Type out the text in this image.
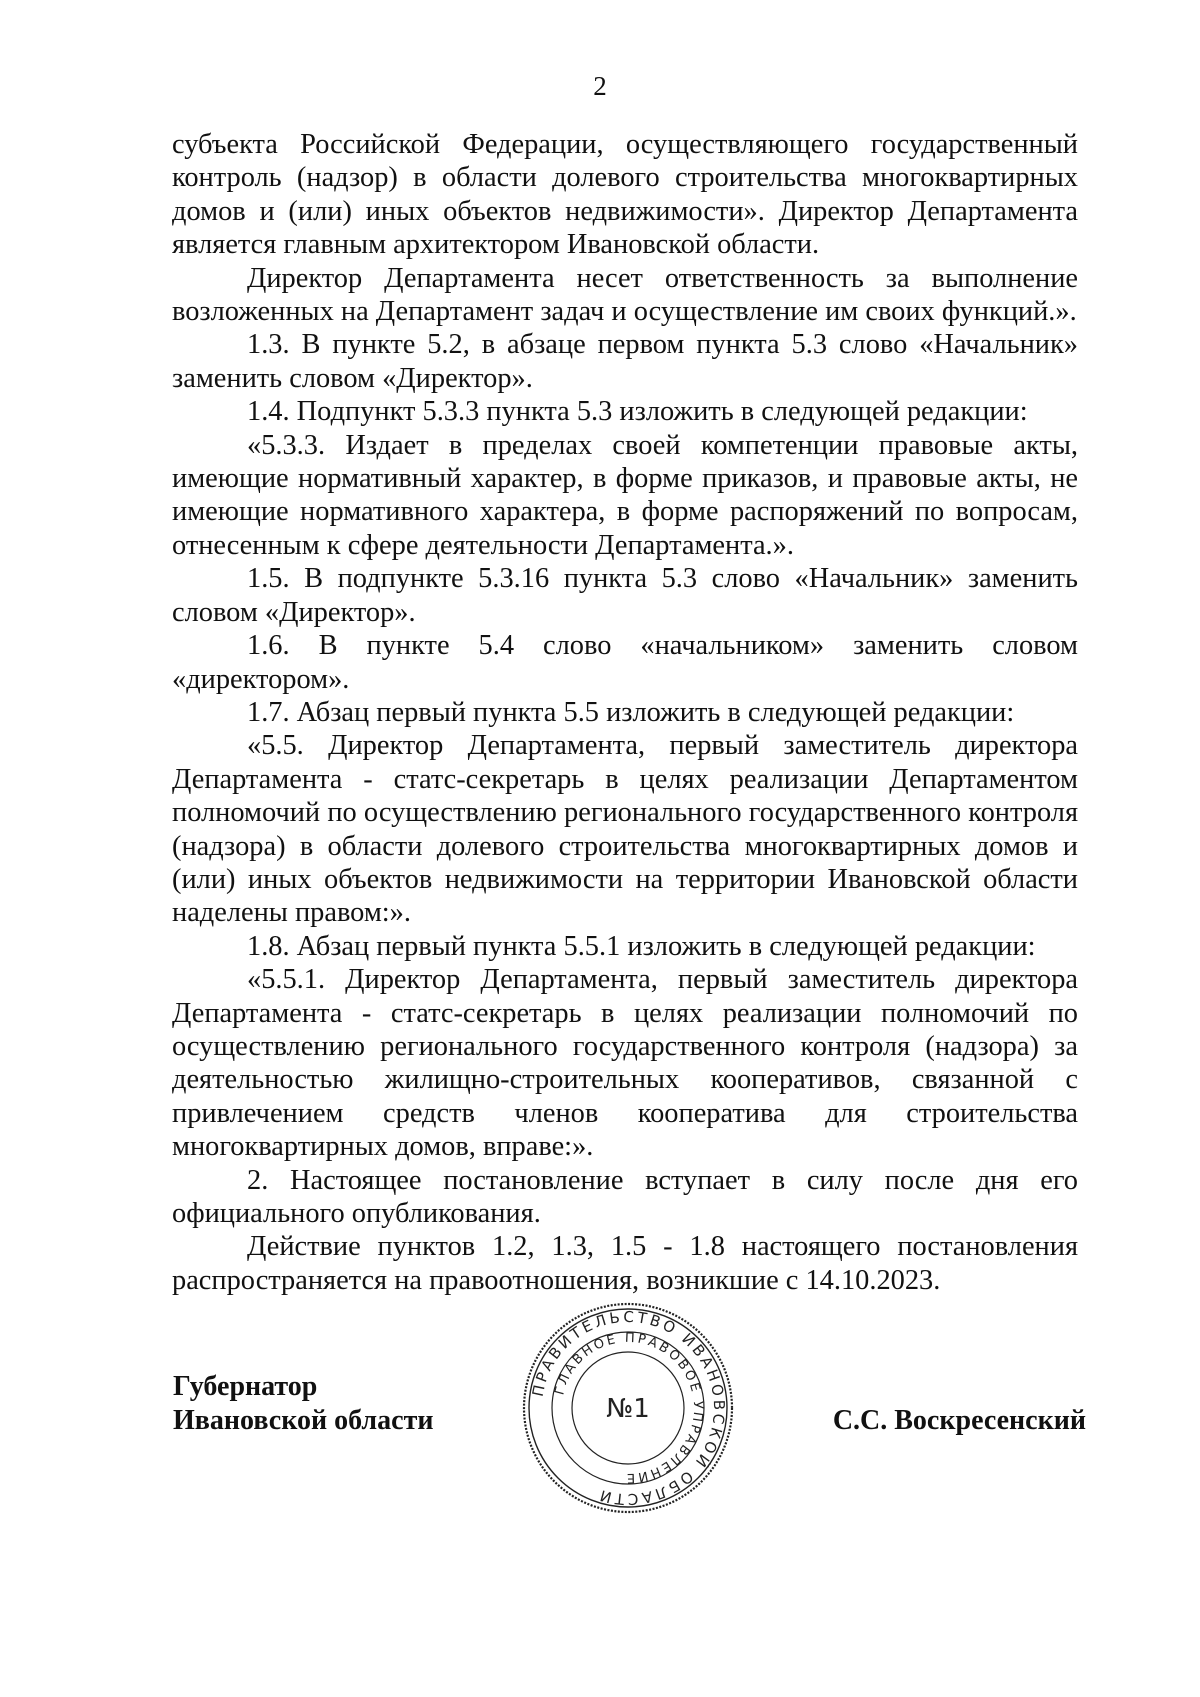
2

субъекта Российской Федерации, осуществляющего государственный контроль (надзор) в области долевого строительства многоквартирных домов и (или) иных объектов недвижимости». Директор Департамента является главным архитектором Ивановской области.

Директор Департамента несет ответственность за выполнение возложенных на Департамент задач и осуществление им своих функций.».

1.3. В пункте 5.2, в абзаце первом пункта 5.3 слово «Начальник» заменить словом «Директор».

1.4. Подпункт 5.3.3 пункта 5.3 изложить в следующей редакции:

«5.3.3. Издает в пределах своей компетенции правовые акты, имеющие нормативный характер, в форме приказов, и правовые акты, не имеющие нормативного характера, в форме распоряжений по вопросам, отнесенным к сфере деятельности Департамента.».

1.5. В подпункте 5.3.16 пункта 5.3 слово «Начальник» заменить словом «Директор».

1.6. В пункте 5.4 слово «начальником» заменить словом «директором».

1.7. Абзац первый пункта 5.5 изложить в следующей редакции:

«5.5. Директор Департамента, первый заместитель директора Департамента - статс-секретарь в целях реализации Департаментом полномочий по осуществлению регионального государственного контроля (надзора) в области долевого строительства многоквартирных домов и (или) иных объектов недвижимости на территории Ивановской области наделены правом:».

1.8. Абзац первый пункта 5.5.1 изложить в следующей редакции:

«5.5.1. Директор Департамента, первый заместитель директора Департамента - статс-секретарь в целях реализации полномочий по осуществлению регионального государственного контроля (надзора) за деятельностью жилищно-строительных кооперативов, связанной с привлечением средств членов кооператива для строительства многоквартирных домов, вправе:».

2. Настоящее постановление вступает в силу после дня его официального опубликования.

Действие пунктов 1.2, 1.3, 1.5 - 1.8 настоящего постановления распространяется на правоотношения, возникшие с 14.10.2023.

Губернатор
Ивановской области
ПРАВИТЕЛЬСТВО ИВАНОВСКОЙ ОБЛАСТИ
ГЛАВНОЕ ПРАВОВОЕ УПРАВЛЕНИЕ
№1	С.С. Воскресенский
